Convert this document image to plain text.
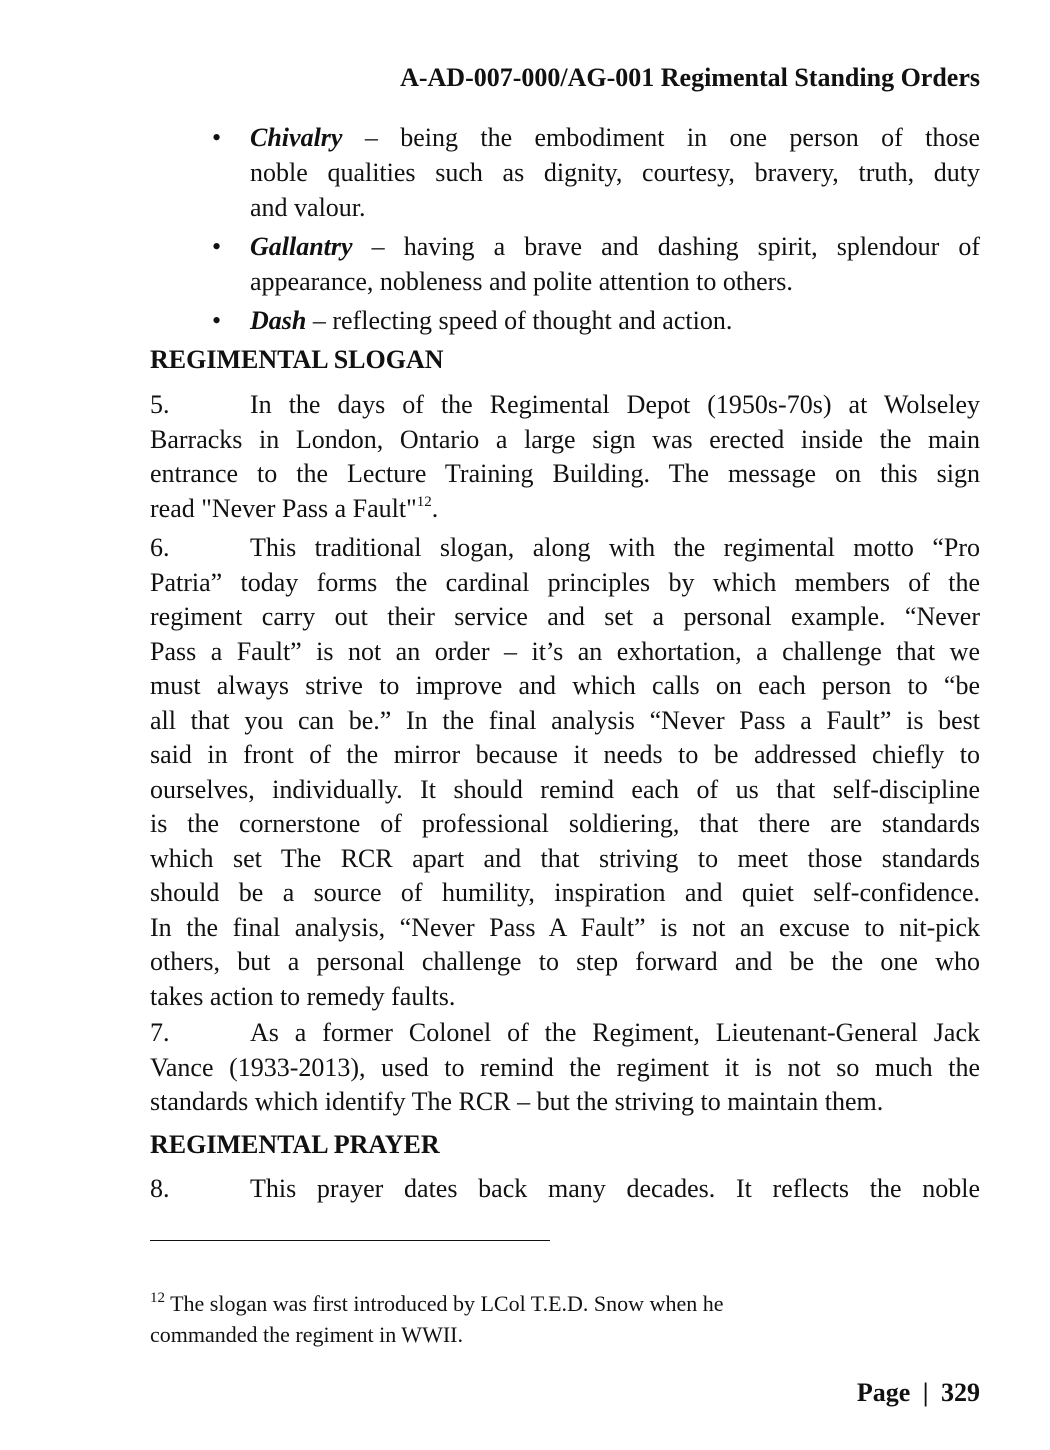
A-AD-007-000/AG-001 Regimental Standing Orders
• Chivalry – being the embodiment in one person of those
noble qualities such as dignity, courtesy, bravery, truth, duty
and valour.
• Gallantry – having a brave and dashing spirit, splendour of
appearance, nobleness and polite attention to others.
• Dash – reflecting speed of thought and action.
REGIMENTAL SLOGAN
5.	In the days of the Regimental Depot (1950s-70s) at Wolseley
Barracks in London, Ontario a large sign was erected inside the main
entrance to the Lecture Training Building. The message on this sign
read "Never Pass a Fault"$^{12}$.
6.	This traditional slogan, along with the regimental motto “Pro
Patria” today forms the cardinal principles by which members of the
regiment carry out their service and set a personal example. “Never
Pass a Fault” is not an order – it’s an exhortation, a challenge that we
must always strive to improve and which calls on each person to “be
all that you can be.” In the final analysis “Never Pass a Fault” is best
said in front of the mirror because it needs to be addressed chiefly to
ourselves, individually. It should remind each of us that self-discipline
is the cornerstone of professional soldiering, that there are standards
which set The RCR apart and that striving to meet those standards
should be a source of humility, inspiration and quiet self-confidence.
In the final analysis, “Never Pass A Fault” is not an excuse to nit-pick
others, but a personal challenge to step forward and be the one who
takes action to remedy faults.
7.	As a former Colonel of the Regiment, Lieutenant-General Jack
Vance (1933-2013), used to remind the regiment it is not so much the
standards which identify The RCR – but the striving to maintain them.
REGIMENTAL PRAYER
8.	This prayer dates back many decades. It reflects the noble
$^{12}$ The slogan was first introduced by LCol T.E.D. Snow when he
commanded the regiment in WWII.
Page | 329
